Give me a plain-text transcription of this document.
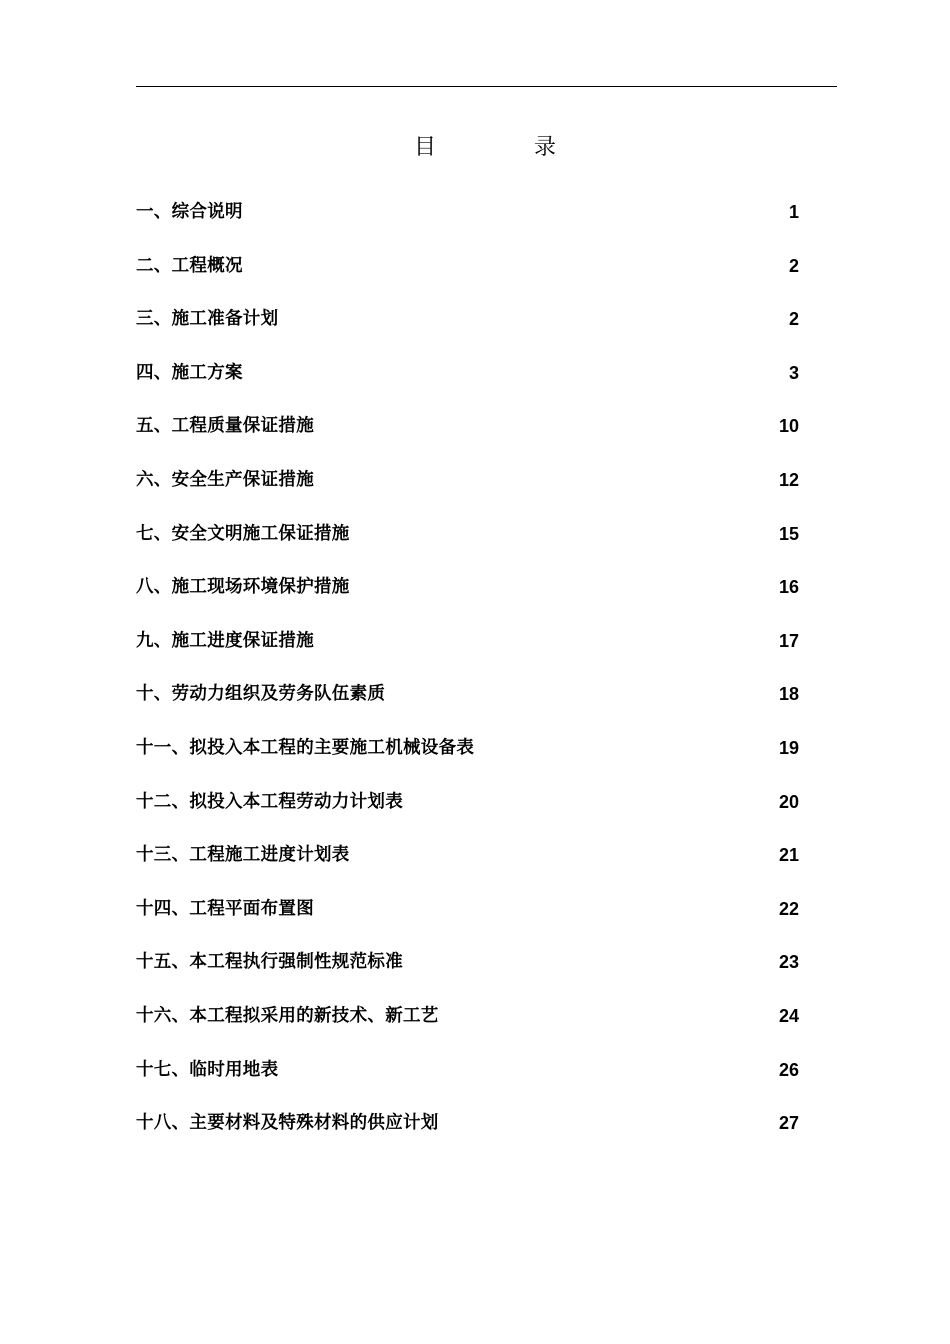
目	录
一、综合说明	1
二、工程概况	2
三、施工准备计划	2
四、施工方案	3
五、工程质量保证措施	10
六、安全生产保证措施	12
七、安全文明施工保证措施	15
八、施工现场环境保护措施	16
九、施工进度保证措施	17
十、劳动力组织及劳务队伍素质	18
十一、拟投入本工程的主要施工机械设备表	19
十二、拟投入本工程劳动力计划表	20
十三、工程施工进度计划表	21
十四、工程平面布置图	22
十五、本工程执行强制性规范标准	23
十六、本工程拟采用的新技术、新工艺	24
十七、临时用地表	26
十八、主要材料及特殊材料的供应计划	27
